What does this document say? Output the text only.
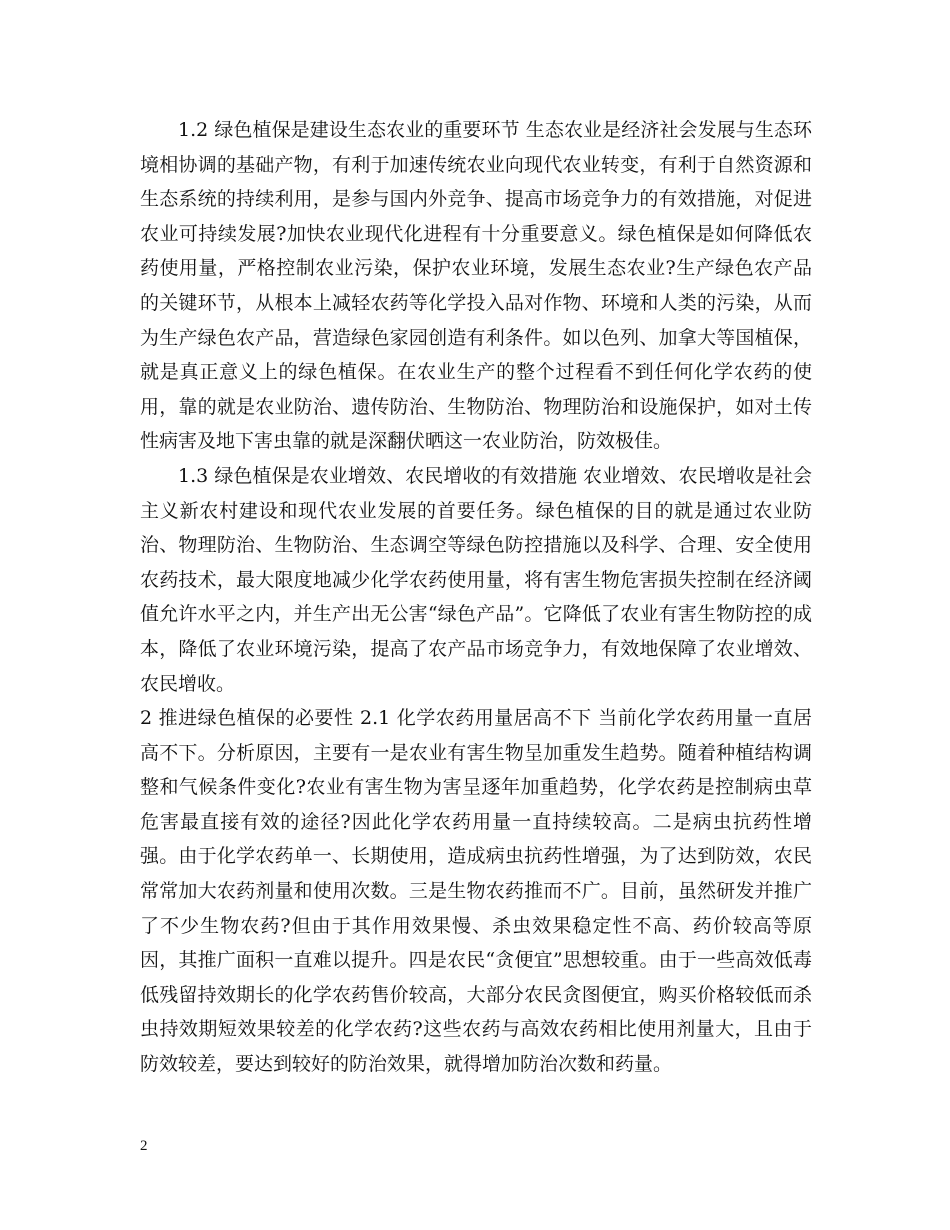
1.2 绿色植保是建设生态农业的重要环节 生态农业是经济社会发展与生态环境相协调的基础产物，有利于加速传统农业向现代农业转变，有利于自然资源和生态系统的持续利用，是参与国内外竞争、提高市场竞争力的有效措施，对促进农业可持续发展?加快农业现代化进程有十分重要意义。绿色植保是如何降低农药使用量，严格控制农业污染，保护农业环境，发展生态农业?生产绿色农产品的关键环节，从根本上减轻农药等化学投入品对作物、环境和人类的污染，从而为生产绿色农产品，营造绿色家园创造有利条件。如以色列、加拿大等国植保，就是真正意义上的绿色植保。在农业生产的整个过程看不到任何化学农药的使用，靠的就是农业防治、遗传防治、生物防治、物理防治和设施保护，如对土传性病害及地下害虫靠的就是深翻伏晒这一农业防治，防效极佳。

1.3 绿色植保是农业增效、农民增收的有效措施 农业增效、农民增收是社会主义新农村建设和现代农业发展的首要任务。绿色植保的目的就是通过农业防治、物理防治、生物防治、生态调空等绿色防控措施以及科学、合理、安全使用农药技术，最大限度地减少化学农药使用量，将有害生物危害损失控制在经济阈值允许水平之内，并生产出无公害“绿色产品”。它降低了农业有害生物防控的成本，降低了农业环境污染，提高了农产品市场竞争力，有效地保障了农业增效、农民增收。

2 推进绿色植保的必要性 2.1 化学农药用量居高不下 当前化学农药用量一直居高不下。分析原因，主要有一是农业有害生物呈加重发生趋势。随着种植结构调整和气候条件变化?农业有害生物为害呈逐年加重趋势，化学农药是控制病虫草危害最直接有效的途径?因此化学农药用量一直持续较高。二是病虫抗药性增强。由于化学农药单一、长期使用，造成病虫抗药性增强，为了达到防效，农民常常加大农药剂量和使用次数。三是生物农药推而不广。目前，虽然研发并推广了不少生物农药?但由于其作用效果慢、杀虫效果稳定性不高、药价较高等原因，其推广面积一直难以提升。四是农民“贪便宜”思想较重。由于一些高效低毒低残留持效期长的化学农药售价较高，大部分农民贪图便宜，购买价格较低而杀虫持效期短效果较差的化学农药?这些农药与高效农药相比使用剂量大，且由于防效较差，要达到较好的防治效果，就得增加防治次数和药量。

2
